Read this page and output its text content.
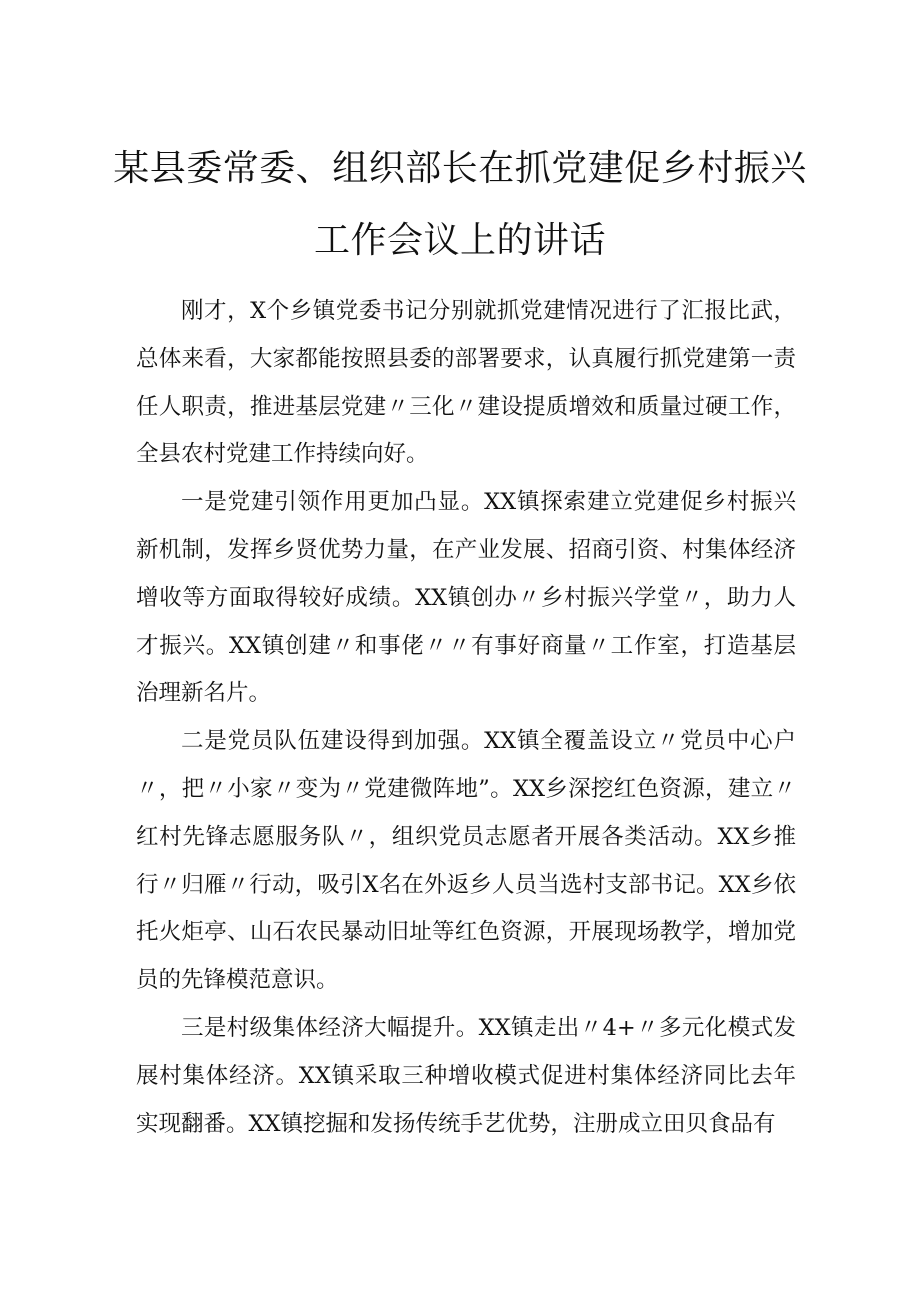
某县委常委、组织部长在抓党建促乡村振兴
工作会议上的讲话

刚才，X个乡镇党委书记分别就抓党建情况进行了汇报比武，总体来看，大家都能按照县委的部署要求，认真履行抓党建第一责任人职责，推进基层党建〃三化〃建设提质增效和质量过硬工作，全县农村党建工作持续向好。

一是党建引领作用更加凸显。XX镇探索建立党建促乡村振兴新机制，发挥乡贤优势力量，在产业发展、招商引资、村集体经济增收等方面取得较好成绩。XX镇创办〃乡村振兴学堂〃，助力人才振兴。XX镇创建〃和事佬〃〃有事好商量〃工作室，打造基层治理新名片。

二是党员队伍建设得到加强。XX镇全覆盖设立〃党员中心户〃，把〃小家〃变为〃党建微阵地”。XX乡深挖红色资源，建立〃红村先锋志愿服务队〃，组织党员志愿者开展各类活动。XX乡推行〃归雁〃行动，吸引X名在外返乡人员当选村支部书记。XX乡依托火炬亭、山石农民暴动旧址等红色资源，开展现场教学，增加党员的先锋模范意识。

三是村级集体经济大幅提升。XX镇走出〃4+〃多元化模式发展村集体经济。XX镇采取三种增收模式促进村集体经济同比去年实现翻番。XX镇挖掘和发扬传统手艺优势，注册成立田贝食品有
